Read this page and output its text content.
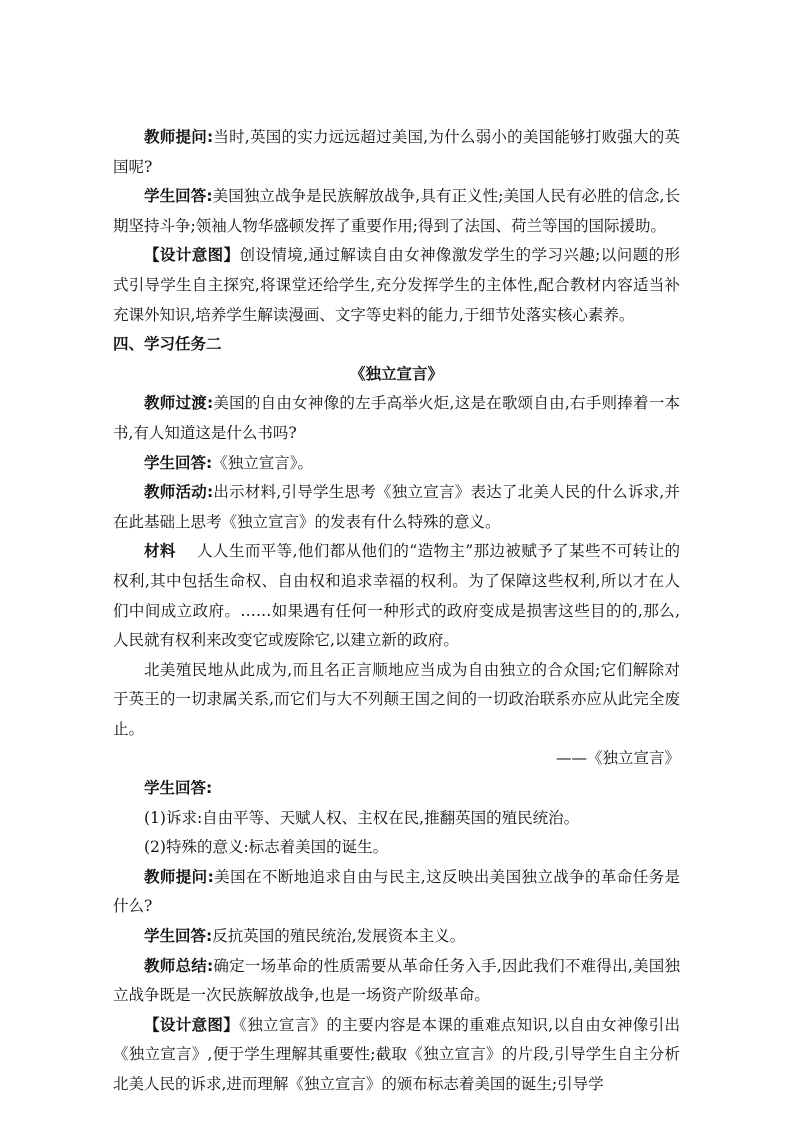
教师提问:当时,英国的实力远远超过美国,为什么弱小的美国能够打败强大的英国呢?

学生回答:美国独立战争是民族解放战争,具有正义性;美国人民有必胜的信念,长期坚持斗争;领袖人物华盛顿发挥了重要作用;得到了法国、荷兰等国的国际援助。

【设计意图】创设情境,通过解读自由女神像激发学生的学习兴趣;以问题的形式引导学生自主探究,将课堂还给学生,充分发挥学生的主体性,配合教材内容适当补充课外知识,培养学生解读漫画、文字等史料的能力,于细节处落实核心素养。

四、学习任务二

《独立宣言》

教师过渡:美国的自由女神像的左手高举火炬,这是在歌颂自由,右手则捧着一本书,有人知道这是什么书吗?

学生回答:《独立宣言》。

教师活动:出示材料,引导学生思考《独立宣言》表达了北美人民的什么诉求,并在此基础上思考《独立宣言》的发表有什么特殊的意义。

材料 人人生而平等,他们都从他们的“造物主”那边被赋予了某些不可转让的权利,其中包括生命权、自由权和追求幸福的权利。为了保障这些权利,所以才在人们中间成立政府。……如果遇有任何一种形式的政府变成是损害这些目的的,那么,人民就有权利来改变它或废除它,以建立新的政府。

北美殖民地从此成为,而且名正言顺地应当成为自由独立的合众国;它们解除对于英王的一切隶属关系,而它们与大不列颠王国之间的一切政治联系亦应从此完全废止。

——《独立宣言》

学生回答:

(1)诉求:自由平等、天赋人权、主权在民,推翻英国的殖民统治。

(2)特殊的意义:标志着美国的诞生。

教师提问:美国在不断地追求自由与民主,这反映出美国独立战争的革命任务是什么?

学生回答:反抗英国的殖民统治,发展资本主义。

教师总结:确定一场革命的性质需要从革命任务入手,因此我们不难得出,美国独立战争既是一次民族解放战争,也是一场资产阶级革命。

【设计意图】《独立宣言》的主要内容是本课的重难点知识,以自由女神像引出《独立宣言》,便于学生理解其重要性;截取《独立宣言》的片段,引导学生自主分析北美人民的诉求,进而理解《独立宣言》的颁布标志着美国的诞生;引导学
